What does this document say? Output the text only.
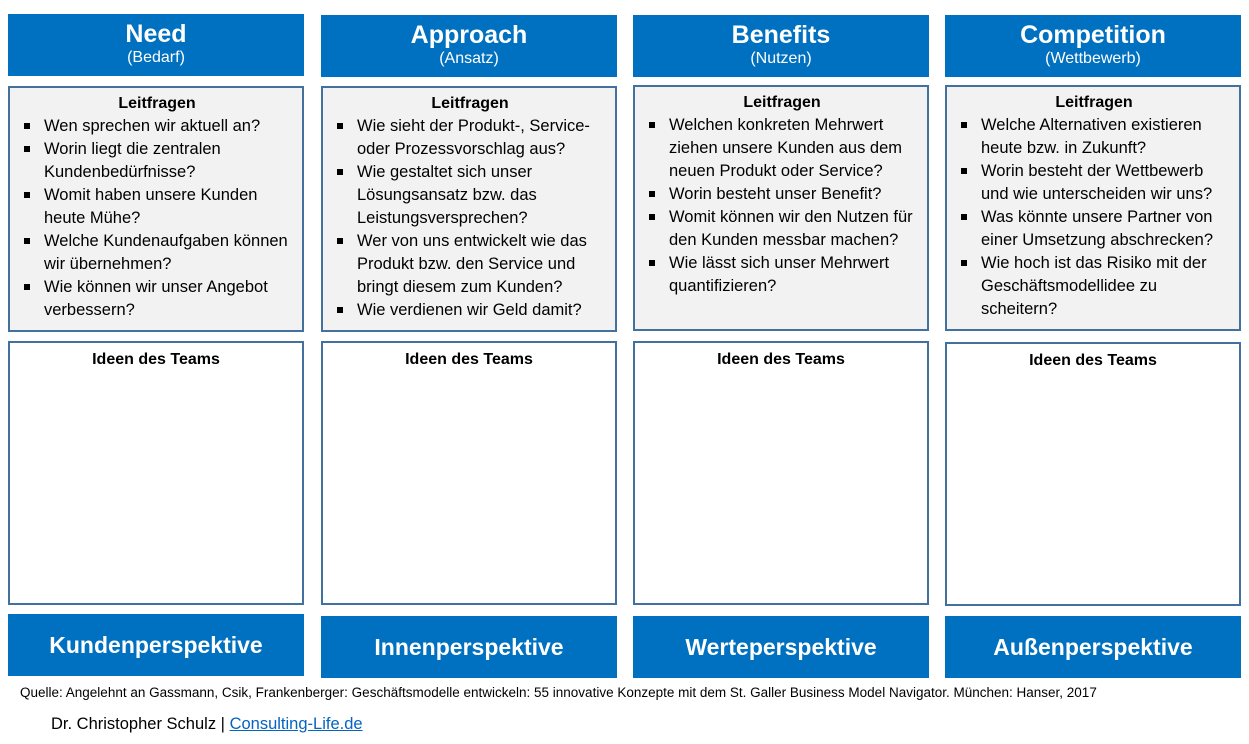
Need
(Bedarf)
Leitfragen
Wen sprechen wir aktuell an?
Worin liegt die zentralen Kundenbedürfnisse?
Womit haben unsere Kunden heute Mühe?
Welche Kundenaufgaben können wir übernehmen?
Wie können wir unser Angebot verbessern?
Ideen des Teams
Kundenperspektive
Approach
(Ansatz)
Leitfragen
Wie sieht der Produkt-, Service- oder Prozessvorschlag aus?
Wie gestaltet sich unser Lösungsansatz bzw. das Leistungsversprechen?
Wer von uns entwickelt wie das Produkt bzw. den Service und bringt diesem zum Kunden?
Wie verdienen wir Geld damit?
Ideen des Teams
Innenperspektive
Benefits
(Nutzen)
Leitfragen
Welchen konkreten Mehrwert ziehen unsere Kunden aus dem neuen Produkt oder Service?
Worin besteht unser Benefit?
Womit können wir den Nutzen für den Kunden messbar machen?
Wie lässt sich unser Mehrwert quantifizieren?
Ideen des Teams
Werteperspektive
Competition
(Wettbewerb)
Leitfragen
Welche Alternativen existieren heute bzw. in Zukunft?
Worin besteht der Wettbewerb und wie unterscheiden wir uns?
Was könnte unsere Partner von einer Umsetzung abschrecken?
Wie hoch ist das Risiko mit der Geschäftsmodellidee zu scheitern?
Ideen des Teams
Außenperspektive
Quelle: Angelehnt an Gassmann, Csik, Frankenberger: Geschäftsmodelle entwickeln: 55 innovative Konzepte mit dem St. Galler Business Model Navigator. München: Hanser, 2017
Dr. Christopher Schulz | Consulting-Life.de
